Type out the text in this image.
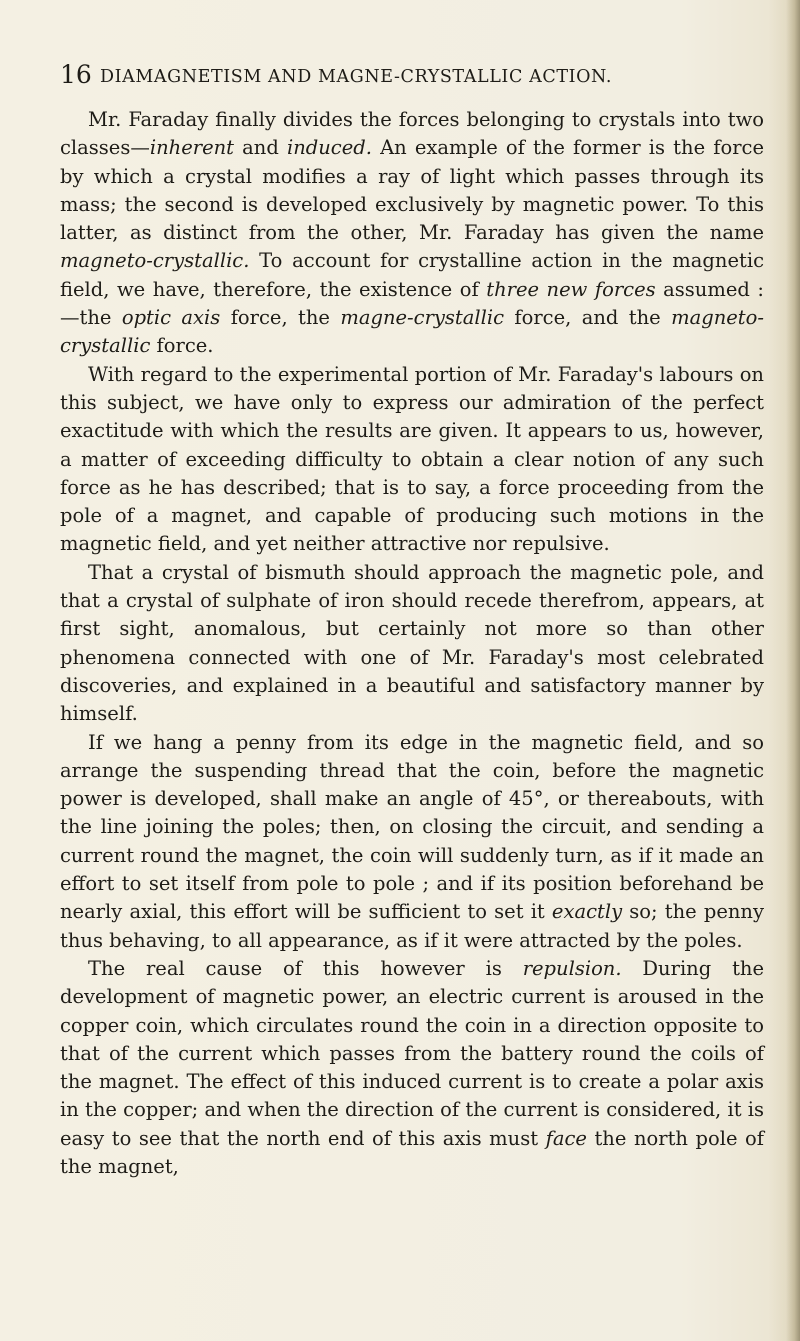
16 DIAMAGNETISM AND MAGNE-CRYSTALLIC ACTION.

Mr. Faraday finally divides the forces belonging to crystals into two classes—inherent and induced. An example of the former is the force by which a crystal modifies a ray of light which passes through its mass; the second is developed exclusively by magnetic power. To this latter, as distinct from the other, Mr. Faraday has given the name magneto-crystallic. To account for crystalline action in the magnetic field, we have, therefore, the existence of three new forces assumed :—the optic axis force, the magne-crystallic force, and the magneto-crystallic force.

With regard to the experimental portion of Mr. Faraday's labours on this subject, we have only to express our admiration of the perfect exactitude with which the results are given. It appears to us, however, a matter of exceeding difficulty to obtain a clear notion of any such force as he has described; that is to say, a force proceeding from the pole of a magnet, and capable of producing such motions in the magnetic field, and yet neither attractive nor repulsive.

That a crystal of bismuth should approach the magnetic pole, and that a crystal of sulphate of iron should recede therefrom, appears, at first sight, anomalous, but certainly not more so than other phenomena connected with one of Mr. Faraday's most celebrated discoveries, and explained in a beautiful and satisfactory manner by himself.

If we hang a penny from its edge in the magnetic field, and so arrange the suspending thread that the coin, before the magnetic power is developed, shall make an angle of 45°, or thereabouts, with the line joining the poles; then, on closing the circuit, and sending a current round the magnet, the coin will suddenly turn, as if it made an effort to set itself from pole to pole ; and if its position beforehand be nearly axial, this effort will be sufficient to set it exactly so; the penny thus behaving, to all appearance, as if it were attracted by the poles.

The real cause of this however is repulsion. During the development of magnetic power, an electric current is aroused in the copper coin, which circulates round the coin in a direction opposite to that of the current which passes from the battery round the coils of the magnet. The effect of this induced current is to create a polar axis in the copper; and when the direction of the current is considered, it is easy to see that the north end of this axis must face the north pole of the magnet,
